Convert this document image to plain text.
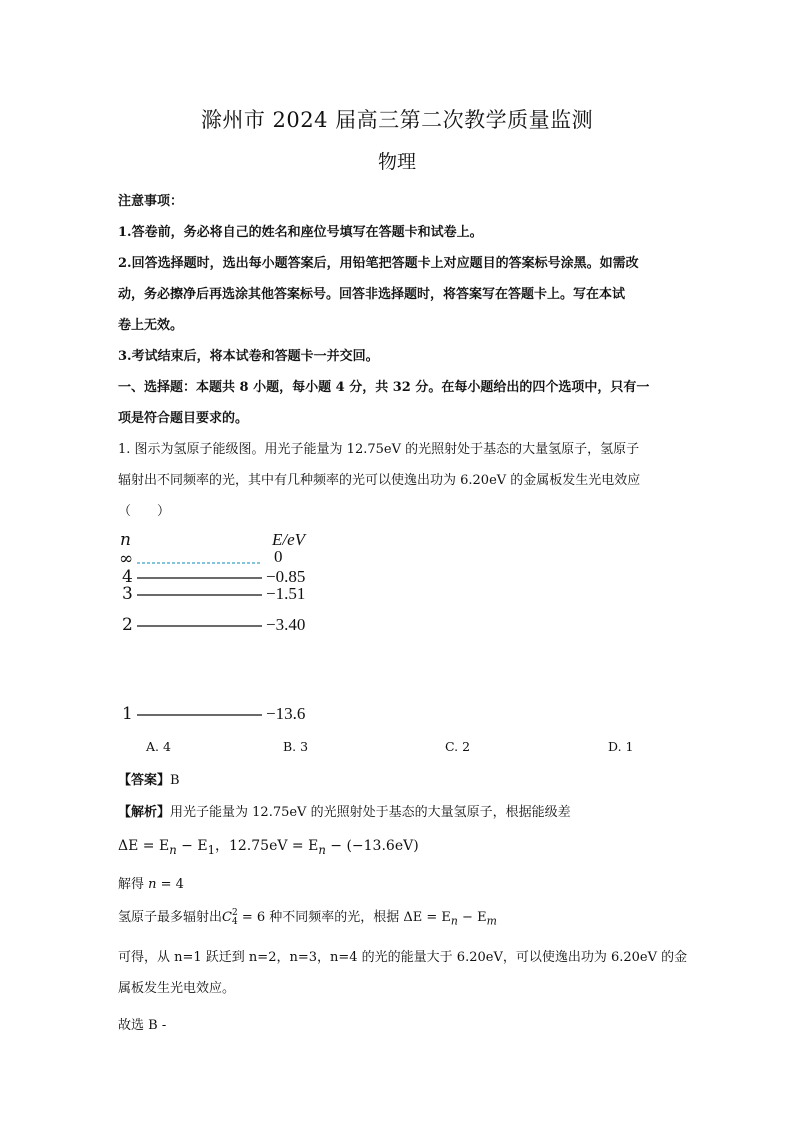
滁州市 2024 届高三第二次教学质量监测
物理
注意事项：
1.答卷前，务必将自己的姓名和座位号填写在答题卡和试卷上。
2.回答选择题时，选出每小题答案后，用铅笔把答题卡上对应题目的答案标号涂黑。如需改
动，务必擦净后再选涂其他答案标号。回答非选择题时，将答案写在答题卡上。写在本试
卷上无效。
3.考试结束后，将本试卷和答题卡一并交回。
一、选择题：本题共 8 小题，每小题 4 分，共 32 分。在每小题给出的四个选项中，只有一
项是符合题目要求的。
1. 图示为氢原子能级图。用光子能量为 12.75eV 的光照射处于基态的大量氢原子，氢原子
辐射出不同频率的光，其中有几种频率的光可以使逸出功为 6.20eV 的金属板发生光电效应
（　　）
n	E/eV
∞	0
4	−0.85
3	−1.51
2	−3.40
1	−13.6
A. 4	B. 3	C. 2	D. 1
【答案】B
【解析】用光子能量为 12.75eV 的光照射处于基态的大量氢原子，根据能级差
$\Delta E = E_n - E_1$，$12.75eV = E_n - (-13.6eV)$
解得 n = 4
氢原子最多辐射出C 2
4 = 6 种不同频率的光，根据 $\Delta E = E_n - E_m$
可得，从 n=1 跃迁到 n=2，n=3，n=4 的光的能量大于 6.20eV，可以使逸出功为 6.20eV 的金
属板发生光电效应。
故选 B -
